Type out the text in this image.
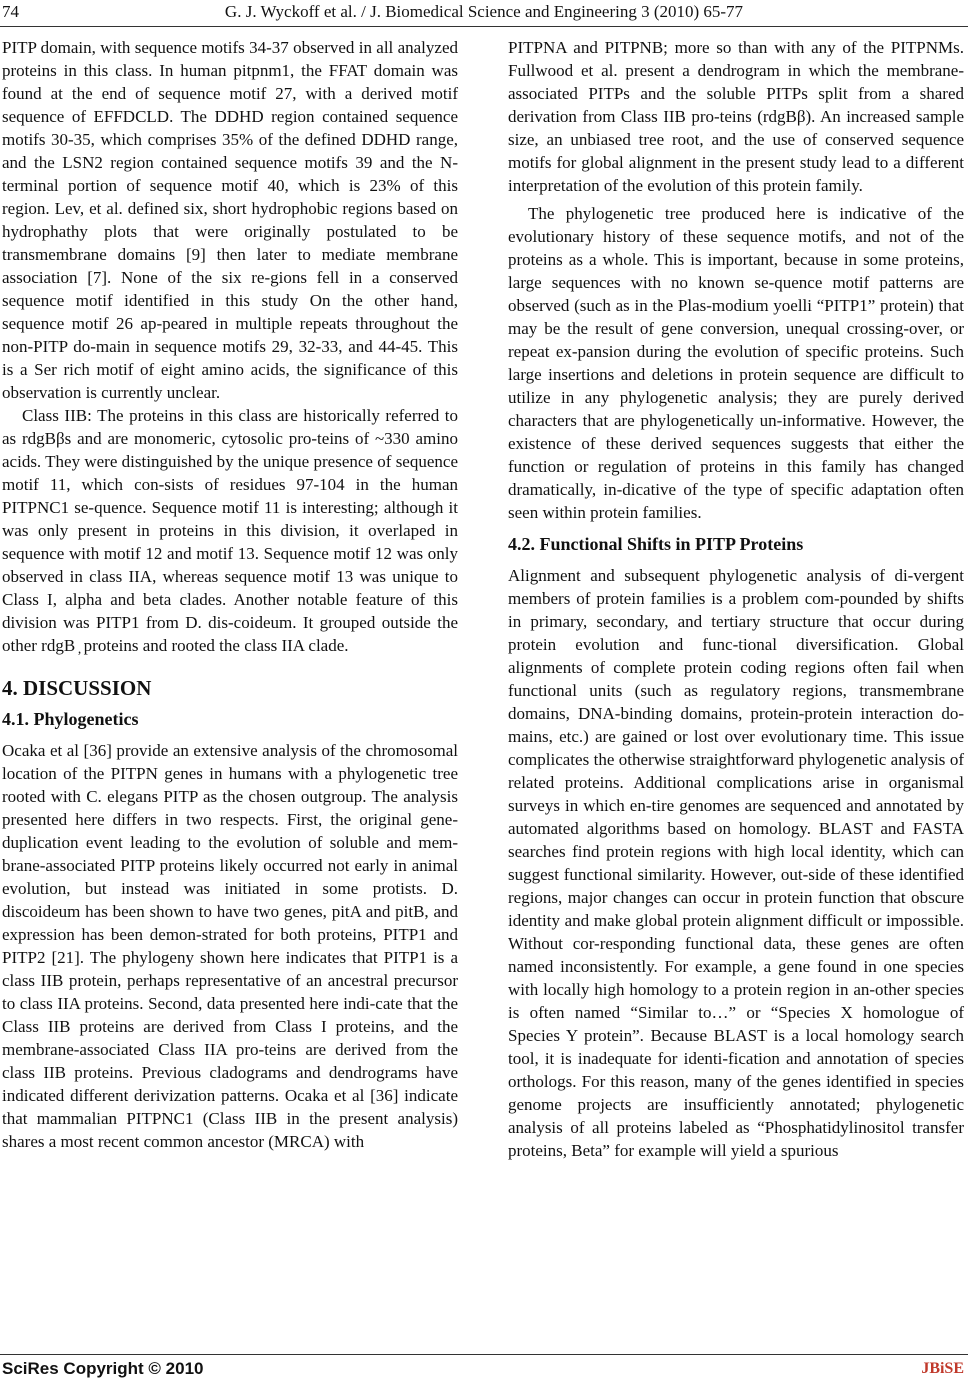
74	G. J. Wyckoff et al. / J. Biomedical Science and Engineering 3 (2010) 65-77

PITP domain, with sequence motifs 34-37 observed in all analyzed proteins in this class. In human pitpnm1, the FFAT domain was found at the end of sequence motif 27, with a derived motif sequence of EFFDCLD. The DDHD region contained sequence motifs 30-35, which comprises 35% of the defined DDHD range, and the LSN2 region contained sequence motifs 39 and the N-terminal portion of sequence motif 40, which is 23% of this region. Lev, et al. defined six, short hydrophobic regions based on hydrophathy plots that were originally postulated to be transmembrane domains [9] then later to mediate membrane association [7]. None of the six re-gions fell in a conserved sequence motif identified in this study On the other hand, sequence motif 26 ap-peared in multiple repeats throughout the non-PITP do-main in sequence motifs 29, 32-33, and 44-45. This is a Ser rich motif of eight amino acids, the significance of this observation is currently unclear.

Class IIB: The proteins in this class are historically referred to as rdgBβs and are monomeric, cytosolic pro-teins of ~330 amino acids. They were distinguished by the unique presence of sequence motif 11, which con-sists of residues 97-104 in the human PITPNC1 se-quence. Sequence motif 11 is interesting; although it was only present in proteins in this division, it overlaped in sequence with motif 12 and motif 13. Sequence motif 12 was only observed in class IIA, whereas sequence motif 13 was unique to Class I, alpha and beta clades. Another notable feature of this division was PITP1 from D. dis-coideum. It grouped outside the other rdgB ̦ proteins and rooted the class IIA clade.

4. DISCUSSION
4.1. Phylogenetics

Ocaka et al [36] provide an extensive analysis of the chromosomal location of the PITPN genes in humans with a phylogenetic tree rooted with C. elegans PITP as the chosen outgroup. The analysis presented here differs in two respects. First, the original gene-duplication event leading to the evolution of soluble and mem-brane-associated PITP proteins likely occurred not early in animal evolution, but instead was initiated in some protists. D. discoideum has been shown to have two genes, pitA and pitB, and expression has been demon-strated for both proteins, PITP1 and PITP2 [21]. The phylogeny shown here indicates that PITP1 is a class IIB protein, perhaps representative of an ancestral precursor to class IIA proteins. Second, data presented here indi-cate that the Class IIB proteins are derived from Class I proteins, and the membrane-associated Class IIA pro-teins are derived from the class IIB proteins. Previous cladograms and dendrograms have indicated different derivization patterns. Ocaka et al [36] indicate that mammalian PITPNC1 (Class IIB in the present analysis) shares a most recent common ancestor (MRCA) with

PITPNA and PITPNB; more so than with any of the PITPNMs. Fullwood et al. present a dendrogram in which the membrane-associated PITPs and the soluble PITPs split from a shared derivation from Class IIB pro-teins (rdgBβ). An increased sample size, an unbiased tree root, and the use of conserved sequence motifs for global alignment in the present study lead to a different interpretation of the evolution of this protein family.

The phylogenetic tree produced here is indicative of the evolutionary history of these sequence motifs, and not of the proteins as a whole. This is important, because in some proteins, large sequences with no known se-quence motif patterns are observed (such as in the Plas-modium yoelli “PITP1” protein) that may be the result of gene conversion, unequal crossing-over, or repeat ex-pansion during the evolution of specific proteins. Such large insertions and deletions in protein sequence are difficult to utilize in any phylogenetic analysis; they are purely derived characters that are phylogenetically un-informative. However, the existence of these derived sequences suggests that either the function or regulation of proteins in this family has changed dramatically, in-dicative of the type of specific adaptation often seen within protein families.

4.2. Functional Shifts in PITP Proteins

Alignment and subsequent phylogenetic analysis of di-vergent members of protein families is a problem com-pounded by shifts in primary, secondary, and tertiary structure that occur during protein evolution and func-tional diversification. Global alignments of complete protein coding regions often fail when functional units (such as regulatory regions, transmembrane domains, DNA-binding domains, protein-protein interaction do-mains, etc.) are gained or lost over evolutionary time. This issue complicates the otherwise straightforward phylogenetic analysis of related proteins. Additional complications arise in organismal surveys in which en-tire genomes are sequenced and annotated by automated algorithms based on homology. BLAST and FASTA searches find protein regions with high local identity, which can suggest functional similarity. However, out-side of these identified regions, major changes can occur in protein function that obscure identity and make global protein alignment difficult or impossible. Without cor-responding functional data, these genes are often named inconsistently. For example, a gene found in one species with locally high homology to a protein region in an-other species is often named “Similar to…” or “Species X homologue of Species Y protein”. Because BLAST is a local homology search tool, it is inadequate for identi-fication and annotation of species orthologs. For this reason, many of the genes identified in species genome projects are insufficiently annotated; phylogenetic analysis of all proteins labeled as “Phosphatidylinositol transfer proteins, Beta” for example will yield a spurious

SciRes Copyright © 2010	JBiSE
